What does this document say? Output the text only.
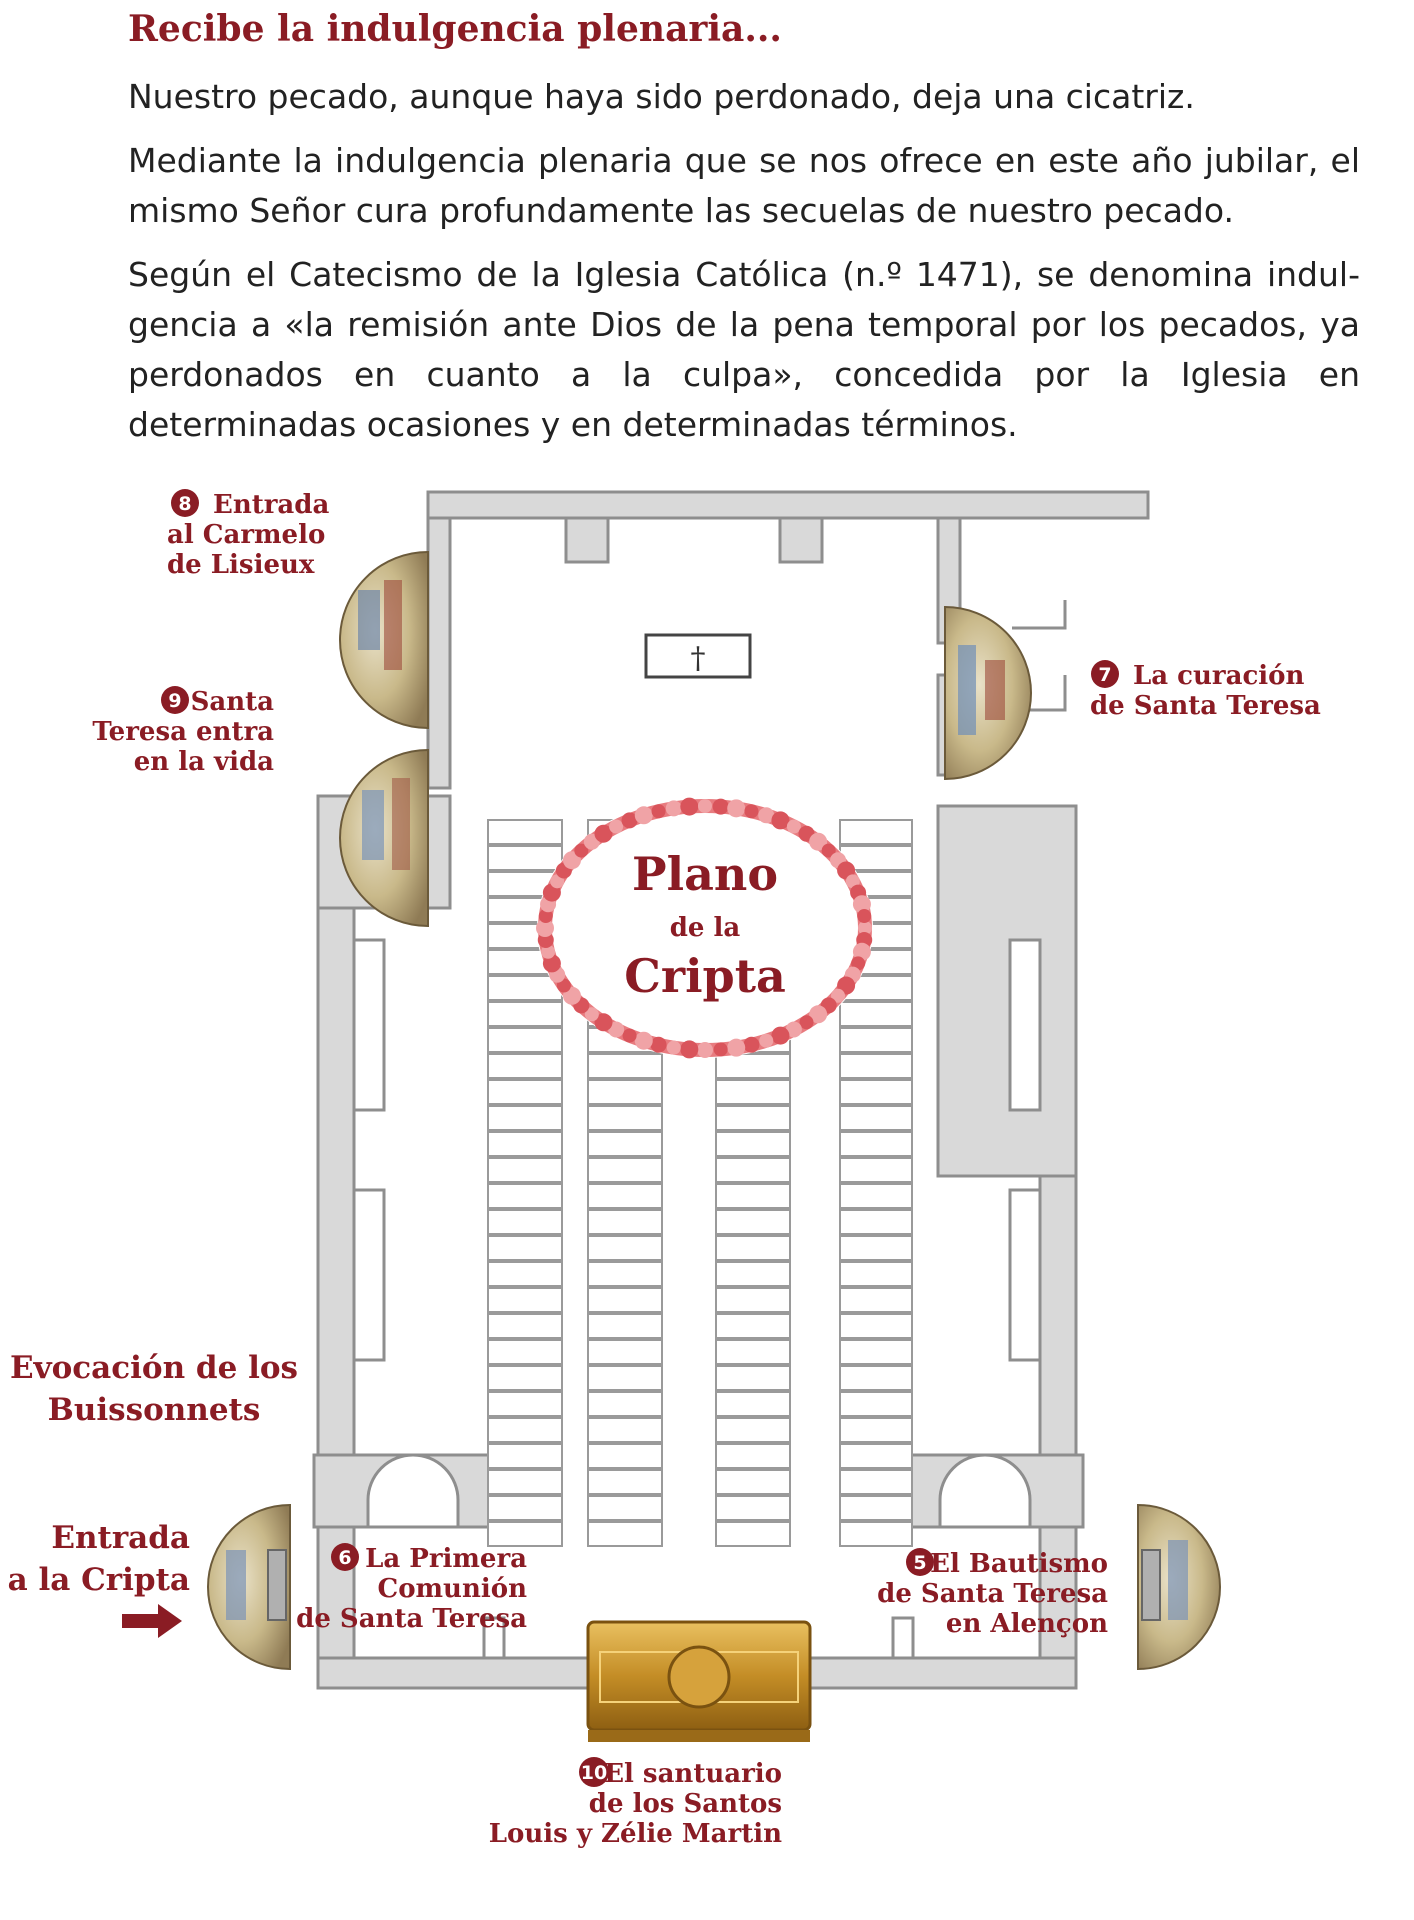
Recibe la indulgencia plenaria...

Nuestro pecado, aunque haya sido perdonado, deja una cicatriz.

Mediante la indulgencia plenaria que se nos ofrece en este año jubilar, el mismo Señor cura profundamente las secuelas de nuestro pecado.

Según el Catecismo de la Iglesia Católica (n.º 1471), se denomina indulgencia a «la remisión ante Dios de la pena temporal por los pecados, ya perdonados en cuanto a la culpa», concedida por la Iglesia en determinadas ocasiones y en determinadas términos.

†
Plano
de la
Cripta
8 Entrada
al Carmelo
de Lisieux
7 La curación
de Santa Teresa
9 Santa
Teresa entra
en la vida
Evocación de los
Buissonnets
Entrada
a la Cripta
6 La Primera
Comunión
de Santa Teresa
5 El Bautismo
de Santa Teresa
en Alençon
10
El santuario
de los Santos
Louis y Zélie Martin
